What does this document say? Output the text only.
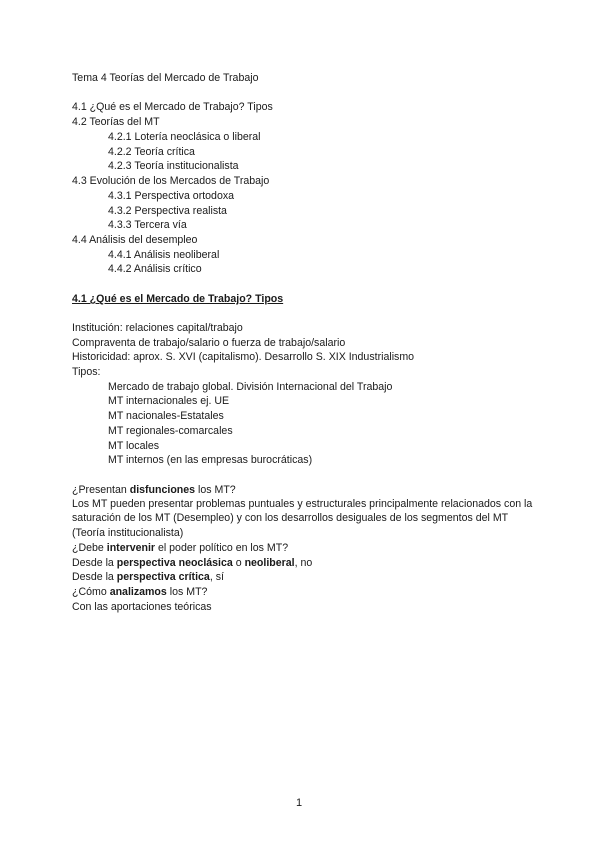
Tema 4 Teorías del Mercado de Trabajo
4.1 ¿Qué es el Mercado de Trabajo? Tipos
4.2 Teorías del MT
4.2.1 Lotería neoclásica o liberal
4.2.2 Teoría crítica
4.2.3 Teoría institucionalista
4.3 Evolución de los Mercados de Trabajo
4.3.1 Perspectiva ortodoxa
4.3.2 Perspectiva realista
4.3.3 Tercera vía
4.4 Análisis del desempleo
4.4.1 Análisis neoliberal
4.4.2 Análisis crítico
4.1 ¿Qué es el Mercado de Trabajo? Tipos
Institución: relaciones capital/trabajo
Compraventa de trabajo/salario o fuerza de trabajo/salario
Historicidad: aprox. S. XVI (capitalismo). Desarrollo S. XIX Industrialismo
Tipos:
Mercado de trabajo global. División Internacional del Trabajo
MT internacionales ej. UE
MT nacionales-Estatales
MT regionales-comarcales
MT locales
MT internos (en las empresas burocráticas)
¿Presentan disfunciones los MT?
Los MT pueden presentar problemas puntuales y estructurales principalmente relacionados con la saturación de los MT (Desempleo) y con los desarrollos desiguales de los segmentos del MT (Teoría institucionalista)
¿Debe intervenir el poder político en los MT?
Desde la perspectiva neoclásica o neoliberal, no
Desde la perspectiva crítica, sí
¿Cómo analizamos los MT?
Con las aportaciones teóricas
1
